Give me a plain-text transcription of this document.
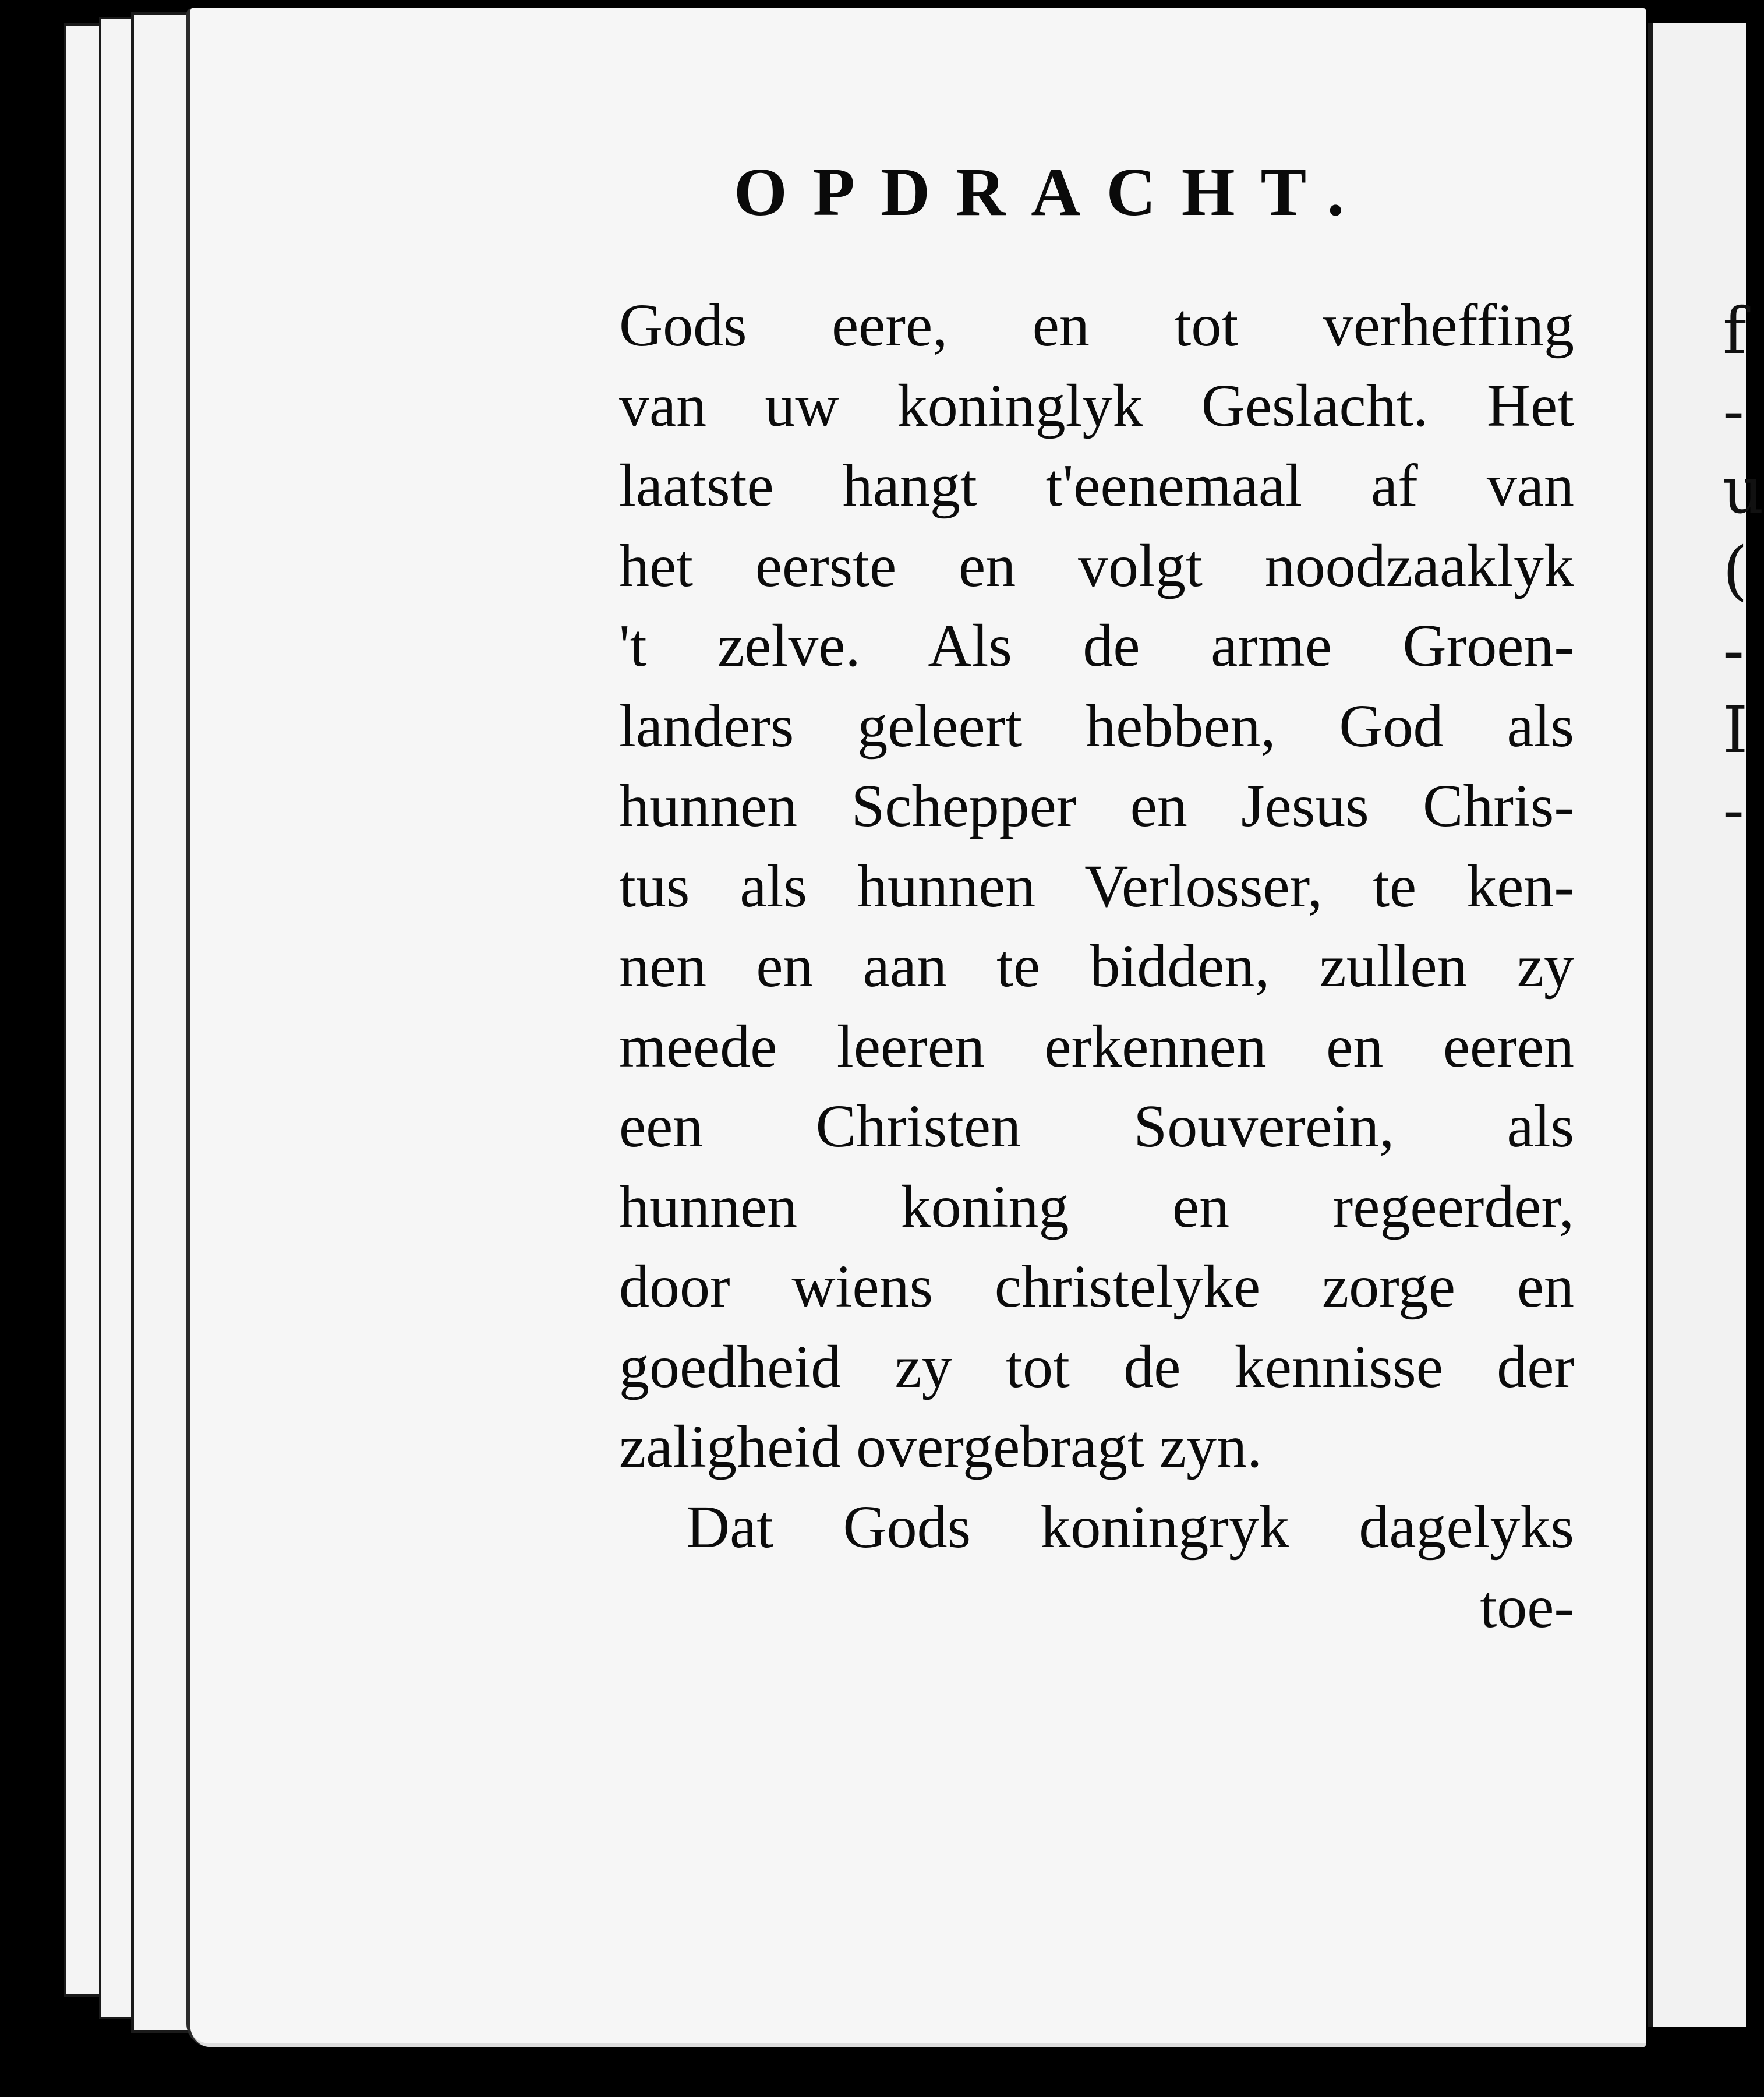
f
-
u
(
-
I
-
OPDRACHT.
Gods eere, en tot verheffing
van uw koninglyk Geslacht. Het
laatste hangt t'eenemaal af van
het eerste en volgt noodzaaklyk
't zelve. Als de arme Groen-
landers geleert hebben, God als
hunnen Schepper en Jesus Chris-
tus als hunnen Verlosser, te ken-
nen en aan te bidden, zullen zy
meede leeren erkennen en eeren
een Christen Souverein, als
hunnen koning en regeerder,
door wiens christelyke zorge en
goedheid zy tot de kennisse der
zaligheid overgebragt zyn.
Dat Gods koningryk dagelyks
toe-
